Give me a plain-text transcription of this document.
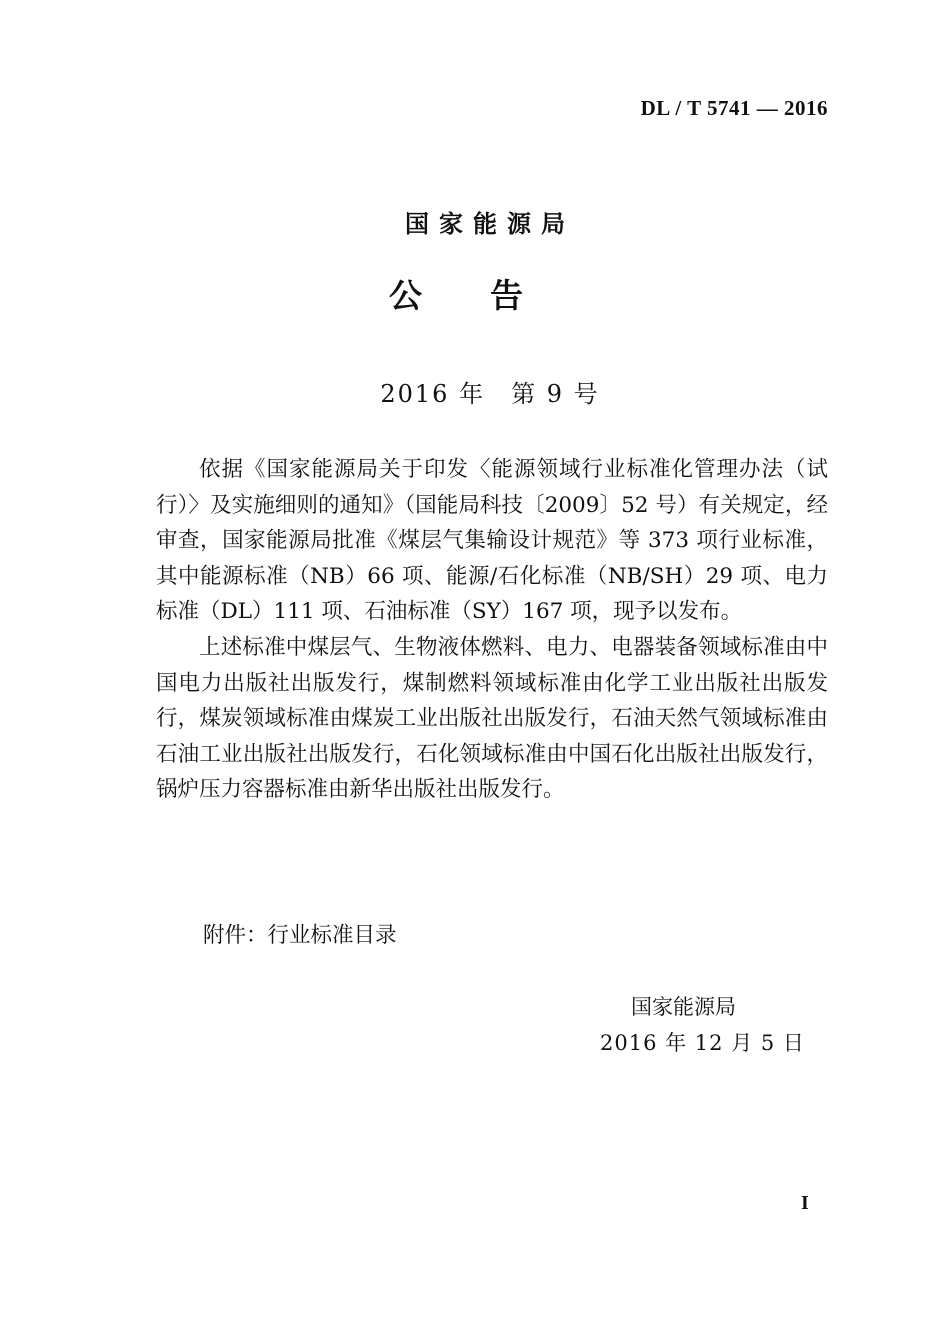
DL / T 5741 — 2016
国家能源局
公告
2016 年　第 9 号

依据《国家能源局关于印发〈能源领域行业标准化管理办法（试行）〉及实施细则的通知》（国能局科技〔2009〕52 号）有关规定，经审查，国家能源局批准《煤层气集输设计规范》等 373 项行业标准，其中能源标准（NB）66 项、能源/石化标准（NB/SH）29 项、电力标准（DL）111 项、石油标准（SY）167 项，现予以发布。

上述标准中煤层气、生物液体燃料、电力、电器装备领域标准由中国电力出版社出版发行，煤制燃料领域标准由化学工业出版社出版发行，煤炭领域标准由煤炭工业出版社出版发行，石油天然气领域标准由石油工业出版社出版发行，石化领域标准由中国石化出版社出版发行，锅炉压力容器标准由新华出版社出版发行。

附件：行业标准目录
国家能源局
2016 年 12 月 5 日
I
